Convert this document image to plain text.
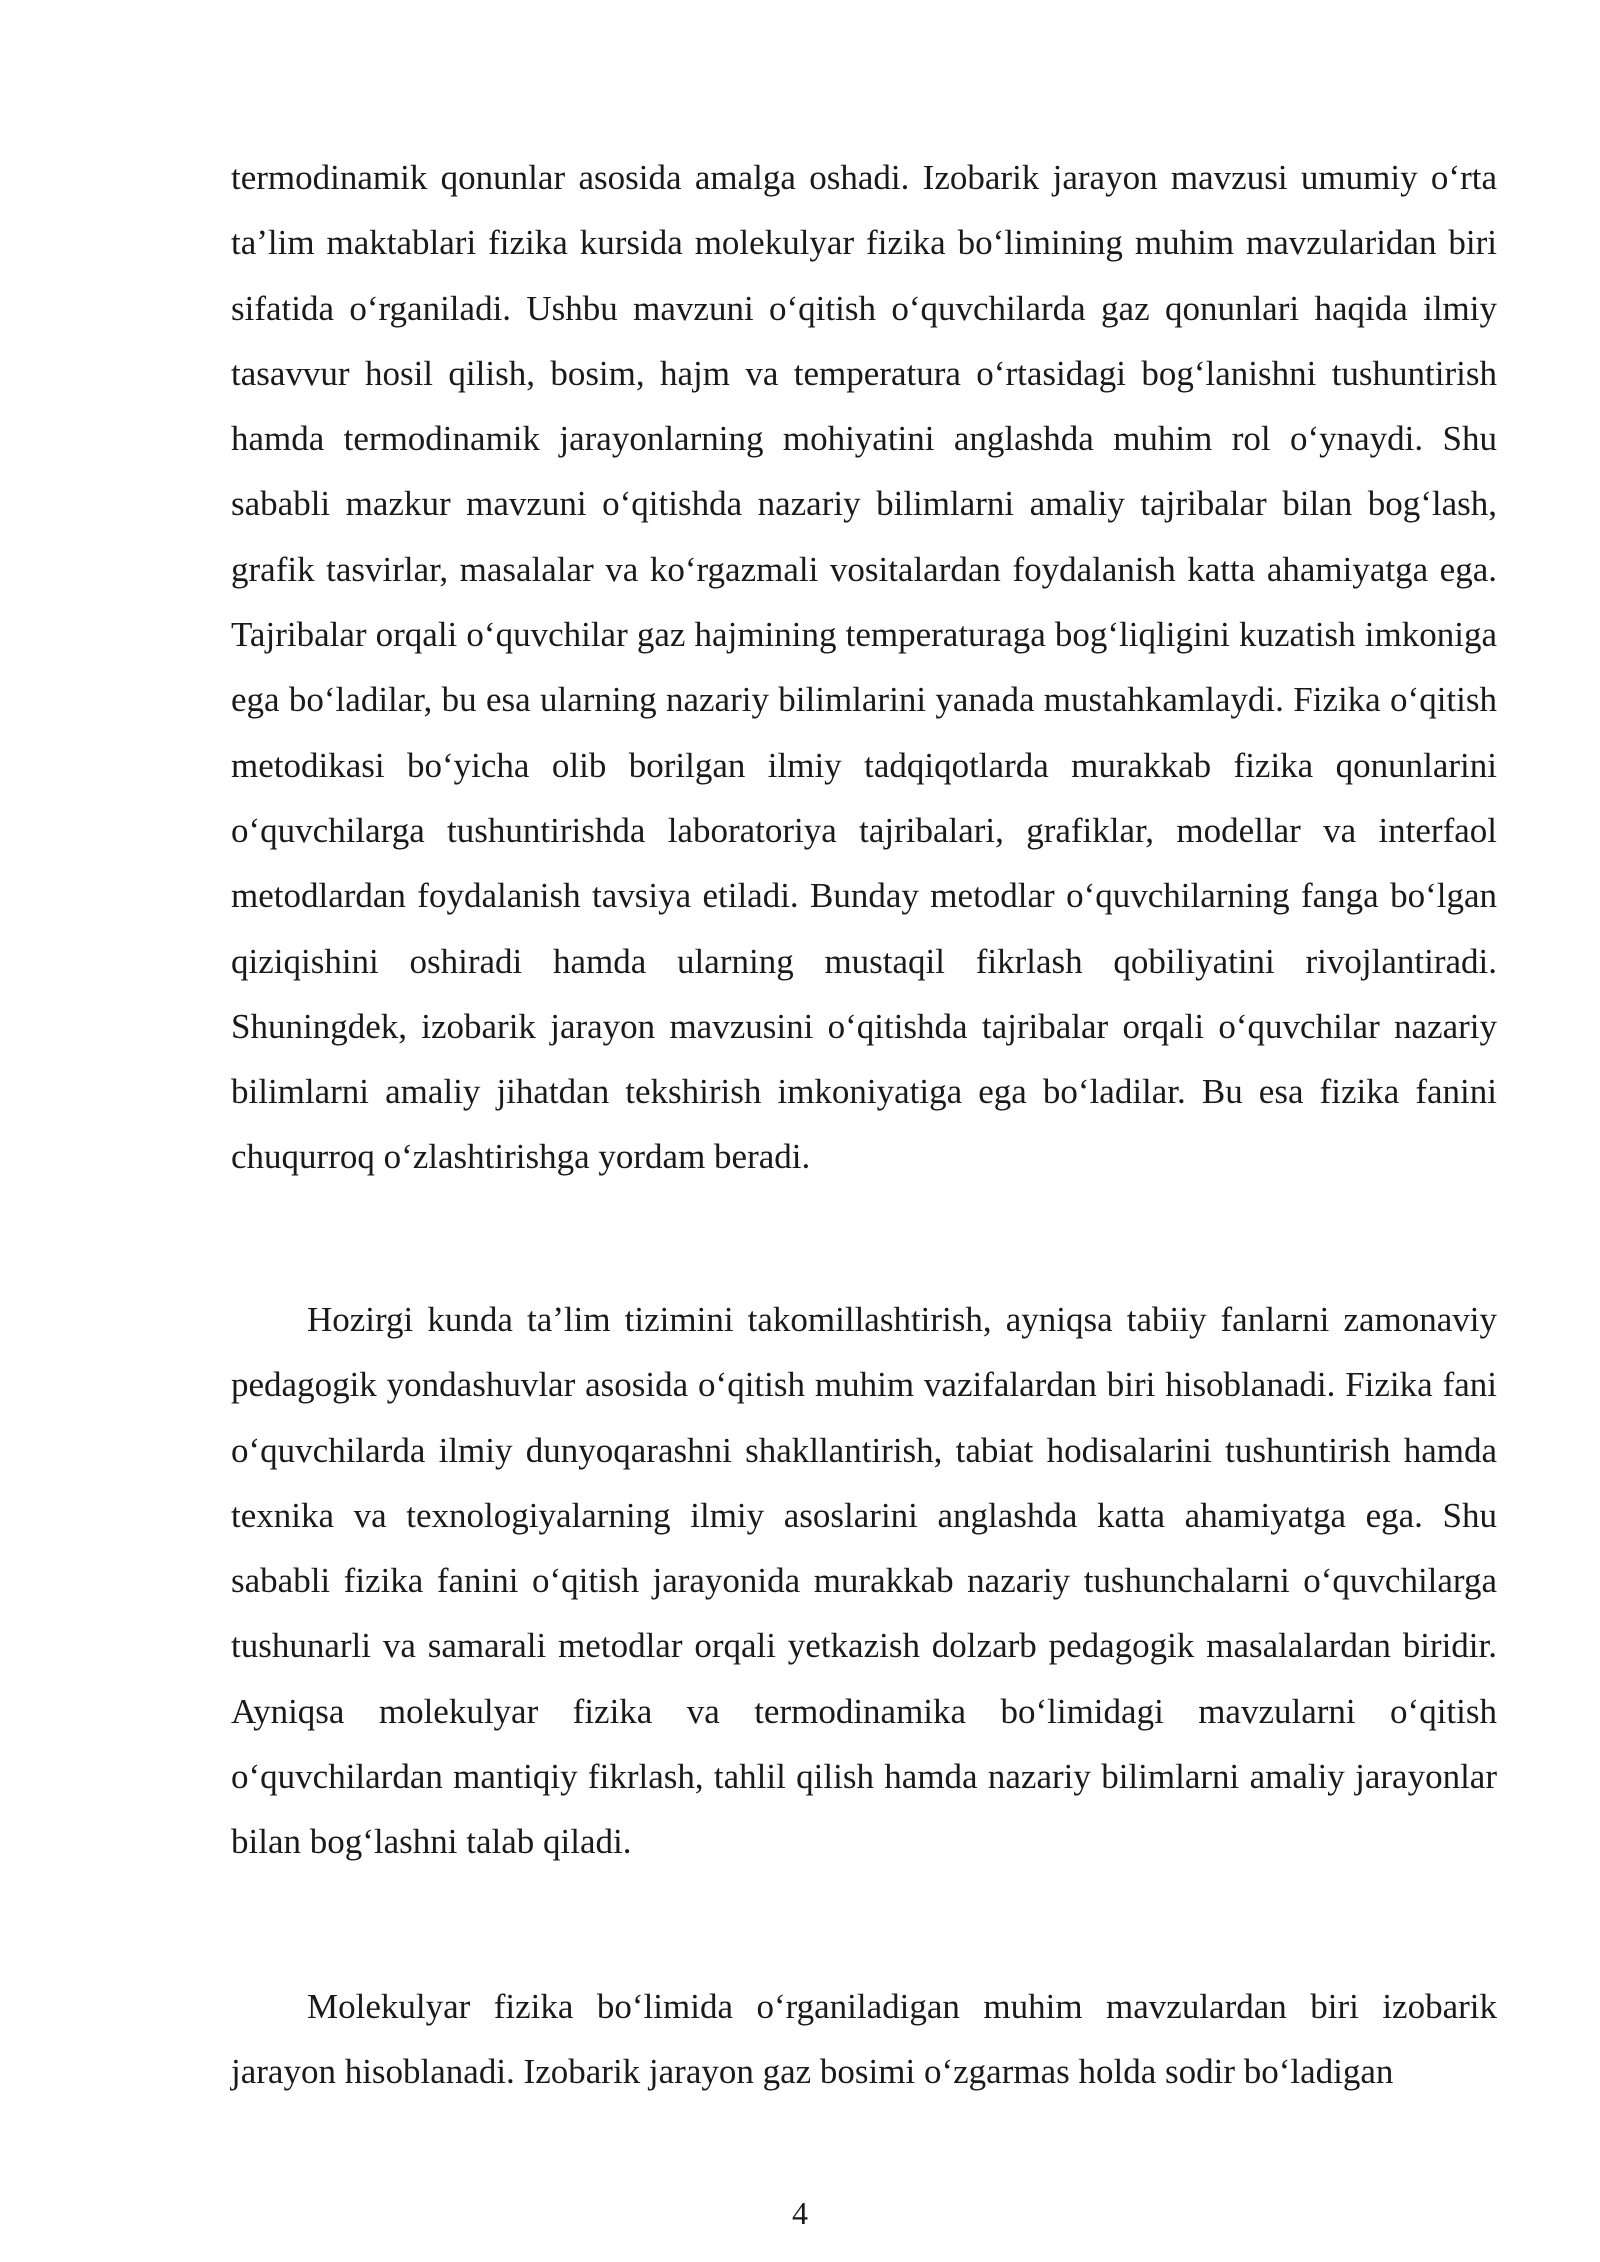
termodinamik qonunlar asosida amalga oshadi. Izobarik jarayon mavzusi umumiy oʻrta taʼlim maktablari fizika kursida molekulyar fizika boʻlimining muhim mavzularidan biri sifatida oʻrganiladi. Ushbu mavzuni oʻqitish oʻquvchilarda gaz qonunlari haqida ilmiy tasavvur hosil qilish, bosim, hajm va temperatura oʻrtasidagi bogʻlanishni tushuntirish hamda termodinamik jarayonlarning mohiyatini anglashda muhim rol oʻynaydi. Shu sababli mazkur mavzuni oʻqitishda nazariy bilimlarni amaliy tajribalar bilan bogʻlash, grafik tasvirlar, masalalar va koʻrgazmali vositalardan foydalanish katta ahamiyatga ega. Tajribalar orqali oʻquvchilar gaz hajmining temperaturaga bogʻliqligini kuzatish imkoniga ega boʻladilar, bu esa ularning nazariy bilimlarini yanada mustahkamlaydi. Fizika oʻqitish metodikasi boʻyicha olib borilgan ilmiy tadqiqotlarda murakkab fizika qonunlarini oʻquvchilarga tushuntirishda laboratoriya tajribalari, grafiklar, modellar va interfaol metodlardan foydalanish tavsiya etiladi. Bunday metodlar oʻquvchilarning fanga boʻlgan qiziqishini oshiradi hamda ularning mustaqil fikrlash qobiliyatini rivojlantiradi. Shuningdek, izobarik jarayon mavzusini oʻqitishda tajribalar orqali oʻquvchilar nazariy bilimlarni amaliy jihatdan tekshirish imkoniyatiga ega boʻladilar. Bu esa fizika fanini chuqurroq oʻzlashtirishga yordam beradi.

Hozirgi kunda taʼlim tizimini takomillashtirish, ayniqsa tabiiy fanlarni zamonaviy pedagogik yondashuvlar asosida oʻqitish muhim vazifalardan biri hisoblanadi. Fizika fani oʻquvchilarda ilmiy dunyoqarashni shakllantirish, tabiat hodisalarini tushuntirish hamda texnika va texnologiyalarning ilmiy asoslarini anglashda katta ahamiyatga ega. Shu sababli fizika fanini oʻqitish jarayonida murakkab nazariy tushunchalarni oʻquvchilarga tushunarli va samarali metodlar orqali yetkazish dolzarb pedagogik masalalardan biridir. Ayniqsa molekulyar fizika va termodinamika boʻlimidagi mavzularni oʻqitish oʻquvchilardan mantiqiy fikrlash, tahlil qilish hamda nazariy bilimlarni amaliy jarayonlar bilan bogʻlashni talab qiladi.

Molekulyar fizika boʻlimida oʻrganiladigan muhim mavzulardan biri izobarik jarayon hisoblanadi. Izobarik jarayon gaz bosimi oʻzgarmas holda sodir boʻladigan

4
